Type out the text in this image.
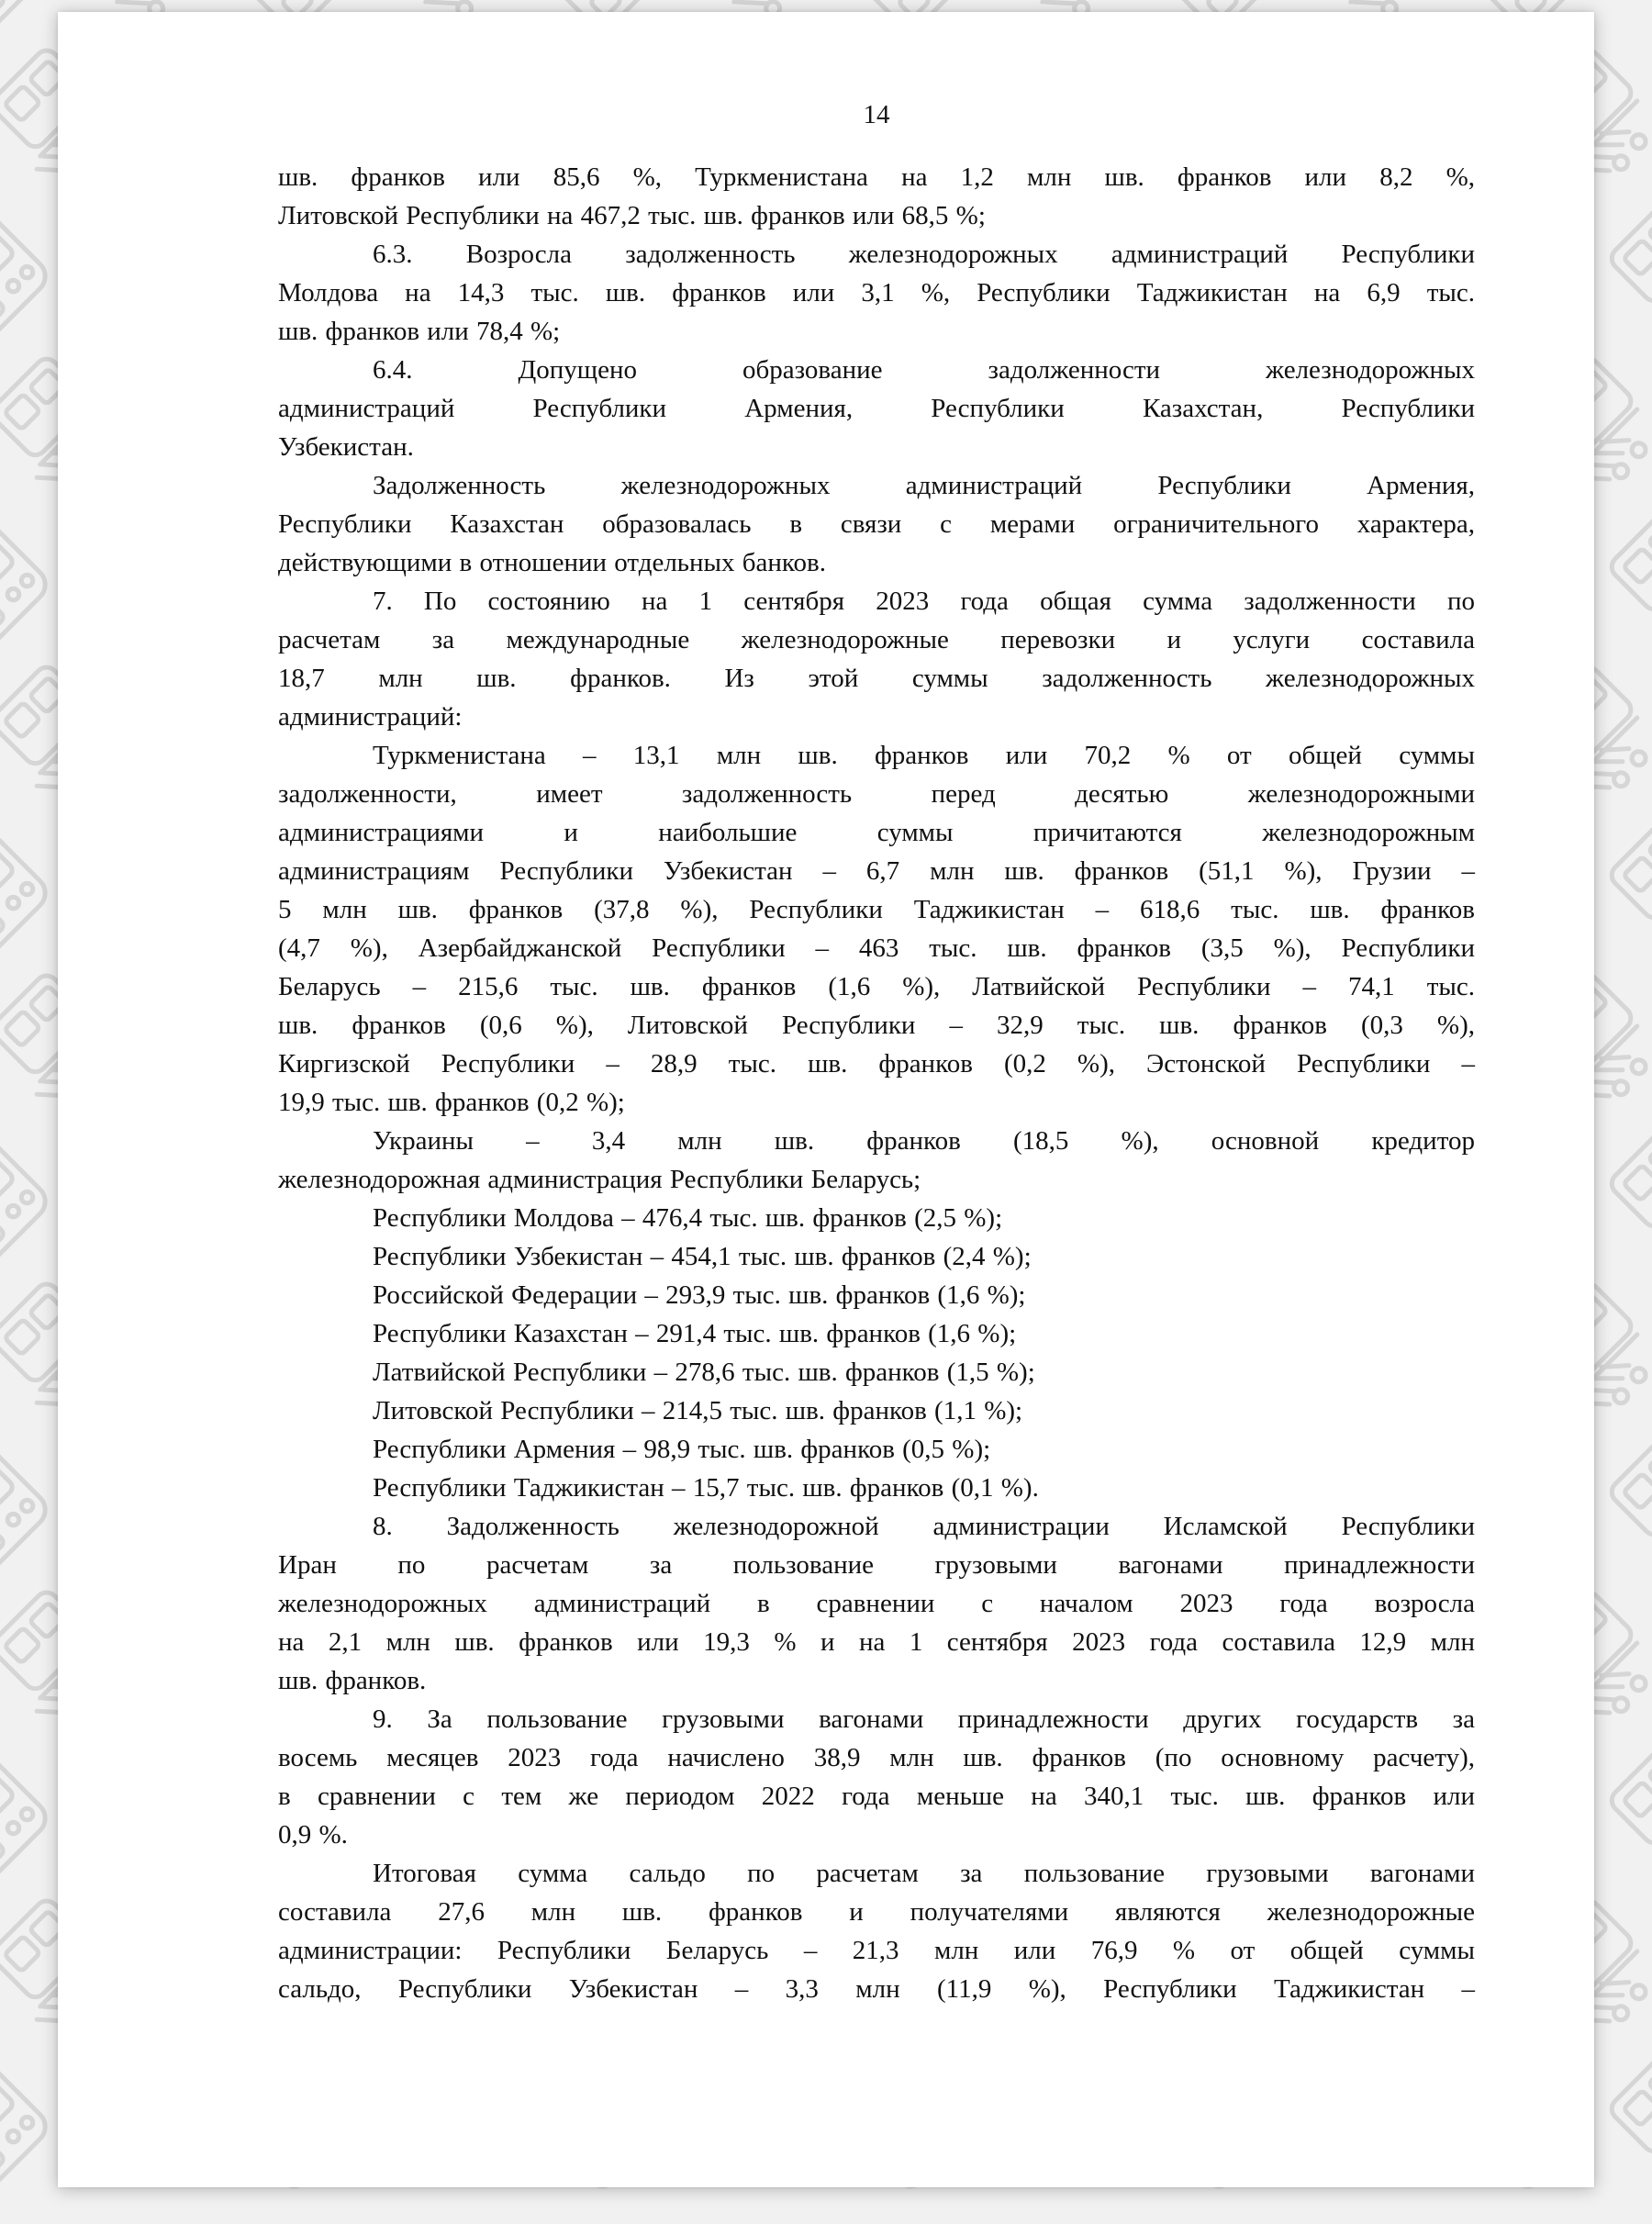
14
шв. франков или 85,6 %, Туркменистана на 1,2 млн шв. франков или 8,2 %,
Литовской Республики на 467,2 тыс. шв. франков или 68,5 %;
6.3. Возросла задолженность железнодорожных администраций Республики
Молдова на 14,3 тыс. шв. франков или 3,1 %, Республики Таджикистан на 6,9 тыс.
шв. франков или 78,4 %;
6.4. Допущено образование задолженности железнодорожных
администраций Республики Армения, Республики Казахстан, Республики
Узбекистан.
Задолженность железнодорожных администраций Республики Армения,
Республики Казахстан образовалась в связи с мерами ограничительного характера,
действующими в отношении отдельных банков.
7. По состоянию на 1 сентября 2023 года общая сумма задолженности по
расчетам за международные железнодорожные перевозки и услуги составила
18,7 млн шв. франков. Из этой суммы задолженность железнодорожных
администраций:
Туркменистана – 13,1 млн шв. франков или 70,2 % от общей суммы
задолженности, имеет задолженность перед десятью железнодорожными
администрациями и наибольшие суммы причитаются железнодорожным
администрациям Республики Узбекистан – 6,7 млн шв. франков (51,1 %), Грузии –
5 млн шв. франков (37,8 %), Республики Таджикистан – 618,6 тыс. шв. франков
(4,7 %), Азербайджанской Республики – 463 тыс. шв. франков (3,5 %), Республики
Беларусь – 215,6 тыс. шв. франков (1,6 %), Латвийской Республики – 74,1 тыс.
шв. франков (0,6 %), Литовской Республики – 32,9 тыс. шв. франков (0,3 %),
Киргизской Республики – 28,9 тыс. шв. франков (0,2 %), Эстонской Республики –
19,9 тыс. шв. франков (0,2 %);
Украины – 3,4 млн шв. франков (18,5 %), основной кредитор
железнодорожная администрация Республики Беларусь;
Республики Молдова – 476,4 тыс. шв. франков (2,5 %);
Республики Узбекистан – 454,1 тыс. шв. франков (2,4 %);
Российской Федерации – 293,9 тыс. шв. франков (1,6 %);
Республики Казахстан – 291,4 тыс. шв. франков (1,6 %);
Латвийской Республики – 278,6 тыс. шв. франков (1,5 %);
Литовской Республики – 214,5 тыс. шв. франков (1,1 %);
Республики Армения – 98,9 тыс. шв. франков (0,5 %);
Республики Таджикистан – 15,7 тыс. шв. франков (0,1 %).
8. Задолженность железнодорожной администрации Исламской Республики
Иран по расчетам за пользование грузовыми вагонами принадлежности
железнодорожных администраций в сравнении с началом 2023 года возросла
на 2,1 млн шв. франков или 19,3 % и на 1 сентября 2023 года составила 12,9 млн
шв. франков.
9. За пользование грузовыми вагонами принадлежности других государств за
восемь месяцев 2023 года начислено 38,9 млн шв. франков (по основному расчету),
в сравнении с тем же периодом 2022 года меньше на 340,1 тыс. шв. франков или
0,9 %.
Итоговая сумма сальдо по расчетам за пользование грузовыми вагонами
составила 27,6 млн шв. франков и получателями являются железнодорожные
администрации: Республики Беларусь – 21,3 млн или 76,9 % от общей суммы
сальдо, Республики Узбекистан – 3,3 млн (11,9 %), Республики Таджикистан –
